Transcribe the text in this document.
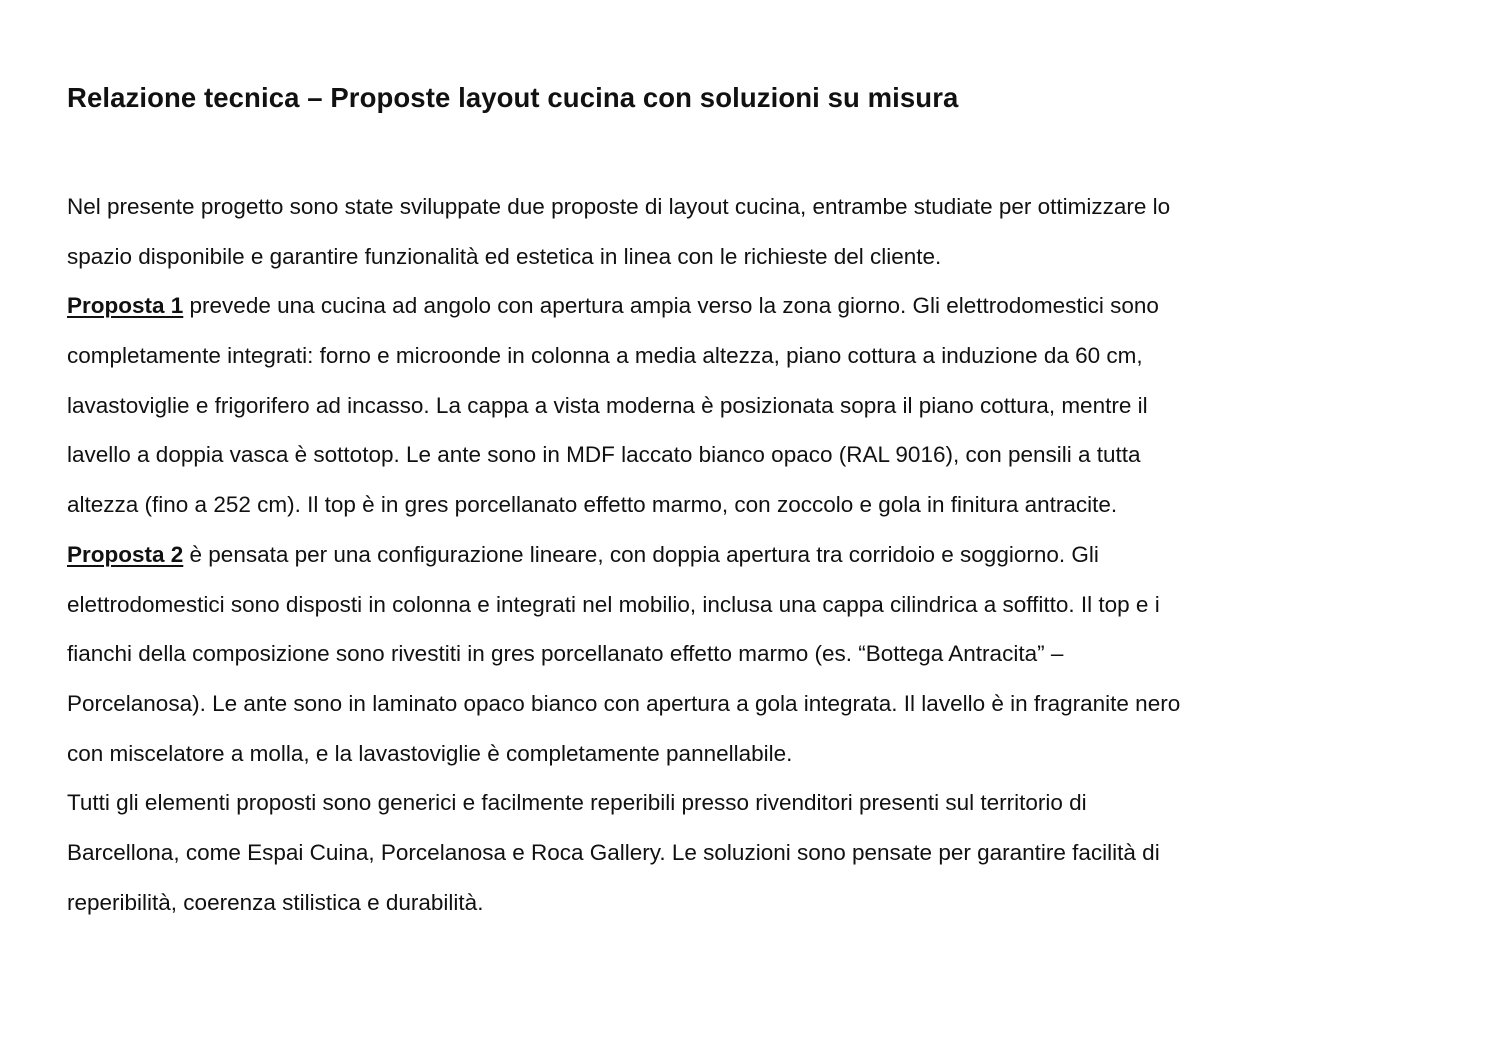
Relazione tecnica – Proposte layout cucina con soluzioni su misura
Nel presente progetto sono state sviluppate due proposte di layout cucina, entrambe studiate per ottimizzare lo
spazio disponibile e garantire funzionalità ed estetica in linea con le richieste del cliente.
Proposta 1 prevede una cucina ad angolo con apertura ampia verso la zona giorno. Gli elettrodomestici sono
completamente integrati: forno e microonde in colonna a media altezza, piano cottura a induzione da 60 cm,
lavastoviglie e frigorifero ad incasso. La cappa a vista moderna è posizionata sopra il piano cottura, mentre il
lavello a doppia vasca è sottotop. Le ante sono in MDF laccato bianco opaco (RAL 9016), con pensili a tutta
altezza (fino a 252 cm). Il top è in gres porcellanato effetto marmo, con zoccolo e gola in finitura antracite.
Proposta 2 è pensata per una configurazione lineare, con doppia apertura tra corridoio e soggiorno. Gli
elettrodomestici sono disposti in colonna e integrati nel mobilio, inclusa una cappa cilindrica a soffitto. Il top e i
fianchi della composizione sono rivestiti in gres porcellanato effetto marmo (es. “Bottega Antracita” –
Porcelanosa). Le ante sono in laminato opaco bianco con apertura a gola integrata. Il lavello è in fragranite nero
con miscelatore a molla, e la lavastoviglie è completamente pannellabile.
Tutti gli elementi proposti sono generici e facilmente reperibili presso rivenditori presenti sul territorio di
Barcellona, come Espai Cuina, Porcelanosa e Roca Gallery. Le soluzioni sono pensate per garantire facilità di
reperibilità, coerenza stilistica e durabilità.
